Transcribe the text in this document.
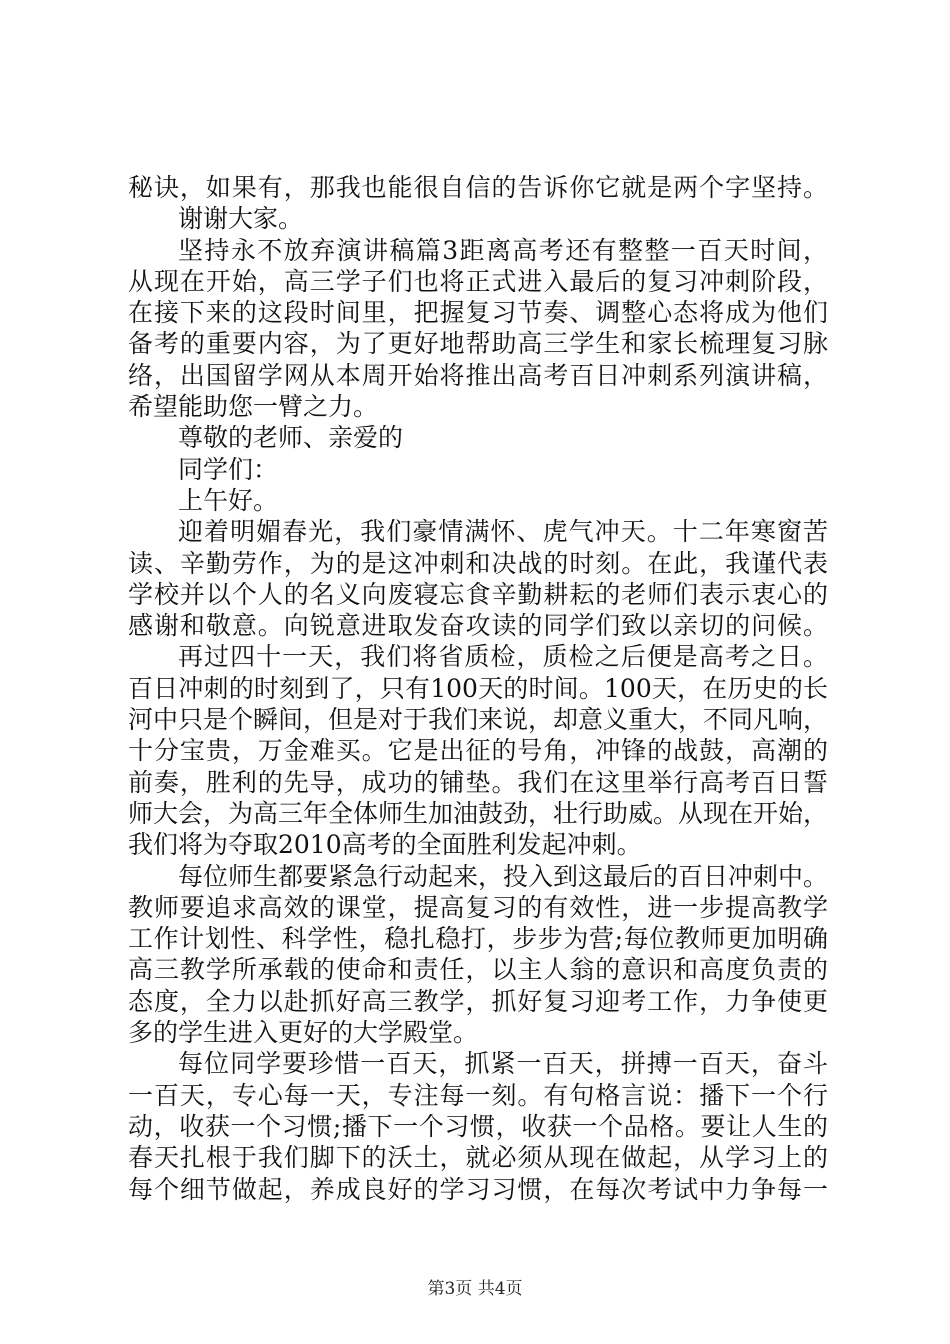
秘诀，如果有，那我也能很自信的告诉你它就是两个字坚持。
谢谢大家。
坚持永不放弃演讲稿篇3距离高考还有整整一百天时间，
从现在开始，高三学子们也将正式进入最后的复习冲刺阶段，
在接下来的这段时间里，把握复习节奏、调整心态将成为他们
备考的重要内容，为了更好地帮助高三学生和家长梳理复习脉
络，出国留学网从本周开始将推出高考百日冲刺系列演讲稿，
希望能助您一臂之力。
尊敬的老师、亲爱的
同学们：
上午好。
迎着明媚春光，我们豪情满怀、虎气冲天。十二年寒窗苦
读、辛勤劳作，为的是这冲刺和决战的时刻。在此，我谨代表
学校并以个人的名义向废寝忘食辛勤耕耘的老师们表示衷心的
感谢和敬意。向锐意进取发奋攻读的同学们致以亲切的问候。
再过四十一天，我们将省质检，质检之后便是高考之日。
百日冲刺的时刻到了，只有100天的时间。100天，在历史的长
河中只是个瞬间，但是对于我们来说，却意义重大，不同凡响，
十分宝贵，万金难买。它是出征的号角，冲锋的战鼓，高潮的
前奏，胜利的先导，成功的铺垫。我们在这里举行高考百日誓
师大会，为高三年全体师生加油鼓劲，壮行助威。从现在开始，
我们将为夺取2010高考的全面胜利发起冲刺。
每位师生都要紧急行动起来，投入到这最后的百日冲刺中。
教师要追求高效的课堂，提高复习的有效性，进一步提高教学
工作计划性、科学性，稳扎稳打，步步为营;每位教师更加明确
高三教学所承载的使命和责任，以主人翁的意识和高度负责的
态度，全力以赴抓好高三教学，抓好复习迎考工作，力争使更
多的学生进入更好的大学殿堂。
每位同学要珍惜一百天，抓紧一百天，拼搏一百天，奋斗
一百天，专心每一天，专注每一刻。有句格言说：播下一个行
动，收获一个习惯;播下一个习惯，收获一个品格。要让人生的
春天扎根于我们脚下的沃土，就必须从现在做起，从学习上的
每个细节做起，养成良好的学习习惯，在每次考试中力争每一
第3页 共4页
